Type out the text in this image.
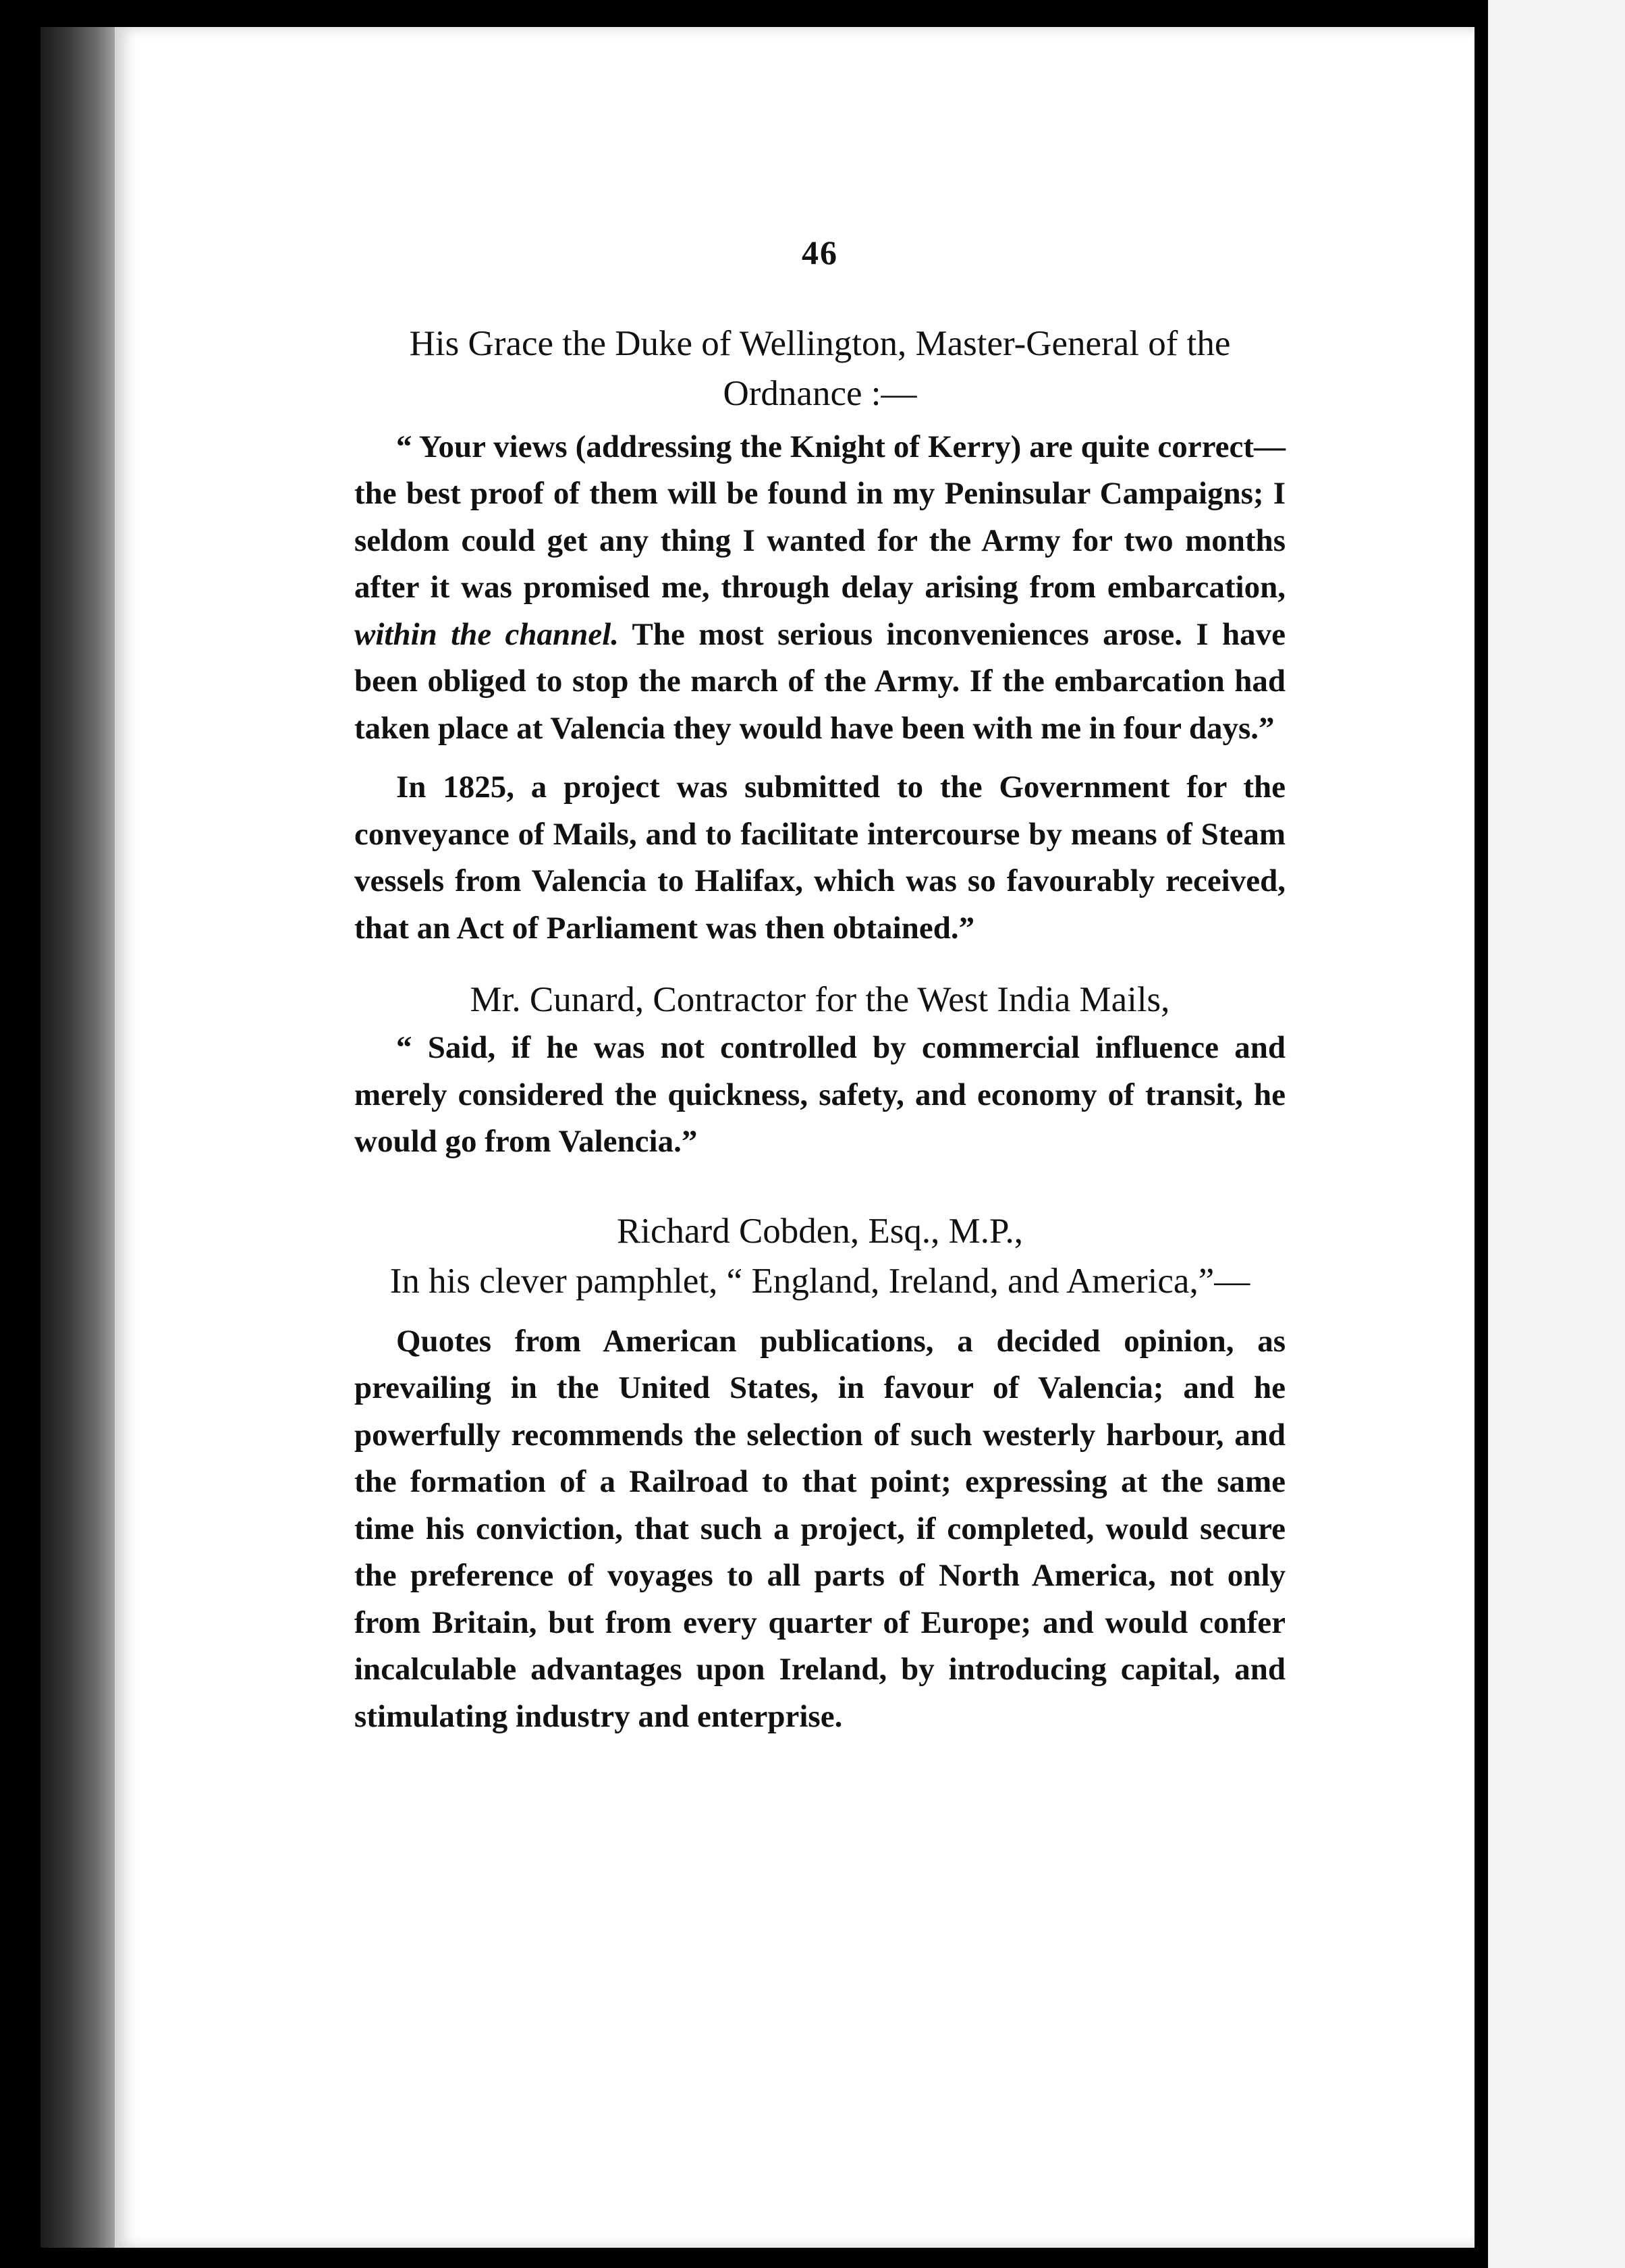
46

His Grace the Duke of Wellington, Master-General of the Ordnance :—

“ Your views (addressing the Knight of Kerry) are quite correct—the best proof of them will be found in my Peninsular Campaigns; I seldom could get any thing I wanted for the Army for two months after it was promised me, through delay arising from embarcation, within the channel. The most serious inconveniences arose. I have been obliged to stop the march of the Army. If the embarcation had taken place at Valencia they would have been with me in four days.”

In 1825, a project was submitted to the Government for the conveyance of Mails, and to facilitate intercourse by means of Steam vessels from Valencia to Halifax, which was so favourably received, that an Act of Parliament was then obtained.”

Mr. Cunard, Contractor for the West India Mails,

“ Said, if he was not controlled by commercial influence and merely considered the quickness, safety, and economy of transit, he would go from Valencia.”

Richard Cobden, Esq., M.P.,

In his clever pamphlet, “ England, Ireland, and America,”—

Quotes from American publications, a decided opinion, as prevailing in the United States, in favour of Valencia; and he powerfully recommends the selection of such westerly harbour, and the formation of a Railroad to that point; expressing at the same time his conviction, that such a project, if completed, would secure the preference of voyages to all parts of North America, not only from Britain, but from every quarter of Europe; and would confer incalculable advantages upon Ireland, by introducing capital, and stimulating industry and enterprise.
